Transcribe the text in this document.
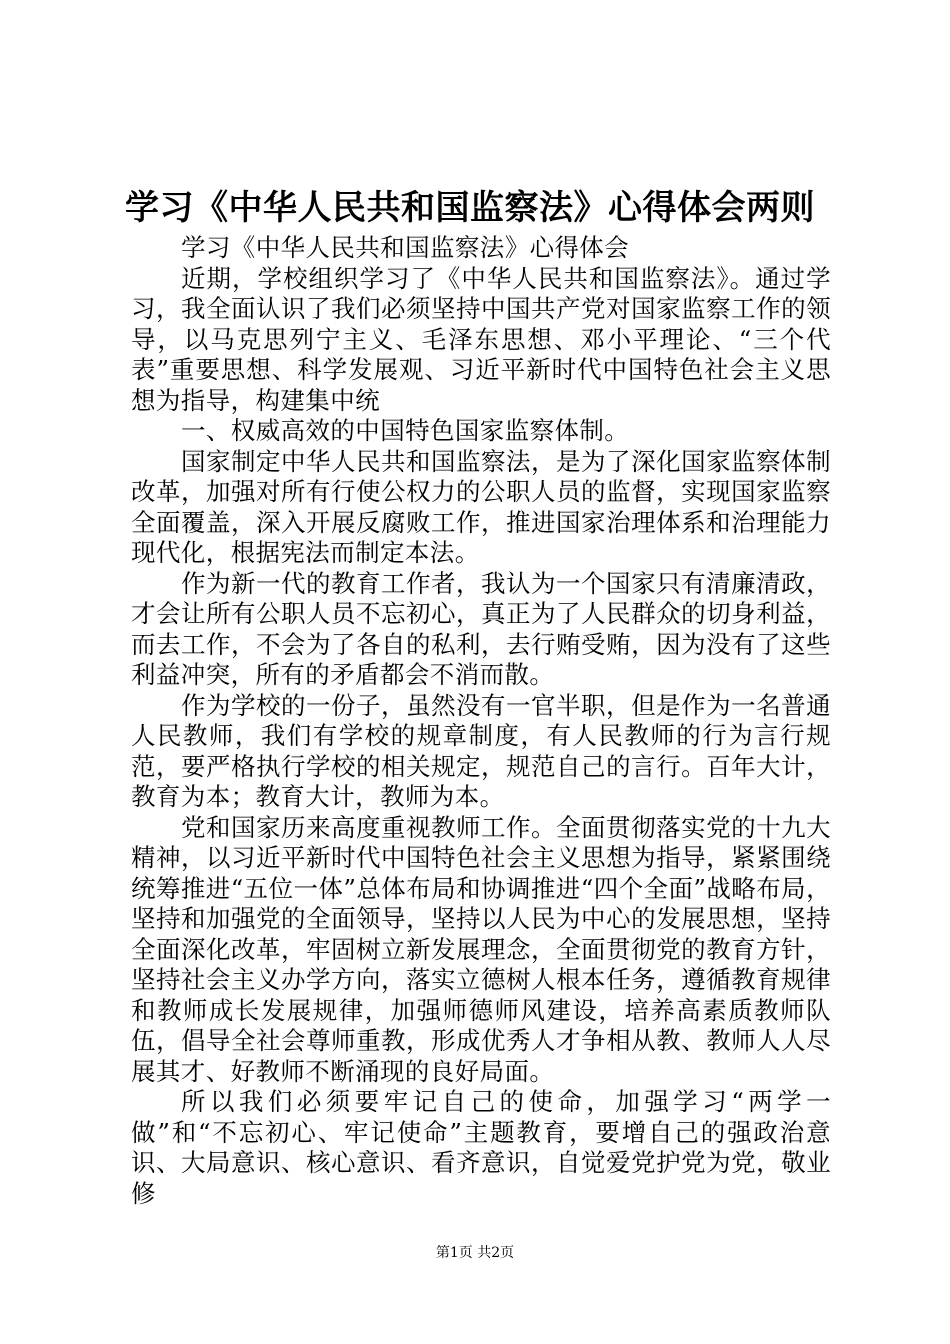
学习《中华人民共和国监察法》心得体会两则

学习《中华人民共和国监察法》心得体会

近期，学校组织学习了《中华人民共和国监察法》。通过学习，我全面认识了我们必须坚持中国共产党对国家监察工作的领导，以马克思列宁主义、毛泽东思想、邓小平理论、“三个代表”重要思想、科学发展观、习近平新时代中国特色社会主义思想为指导，构建集中统

一、权威高效的中国特色国家监察体制。

国家制定中华人民共和国监察法，是为了深化国家监察体制改革，加强对所有行使公权力的公职人员的监督，实现国家监察全面覆盖，深入开展反腐败工作，推进国家治理体系和治理能力现代化，根据宪法而制定本法。

作为新一代的教育工作者，我认为一个国家只有清廉清政，才会让所有公职人员不忘初心，真正为了人民群众的切身利益，而去工作，不会为了各自的私利，去行贿受贿，因为没有了这些利益冲突，所有的矛盾都会不消而散。

作为学校的一份子，虽然没有一官半职，但是作为一名普通人民教师，我们有学校的规章制度，有人民教师的行为言行规范，要严格执行学校的相关规定，规范自己的言行。百年大计，教育为本；教育大计，教师为本。

党和国家历来高度重视教师工作。全面贯彻落实党的十九大精神，以习近平新时代中国特色社会主义思想为指导，紧紧围绕统筹推进“五位一体”总体布局和协调推进“四个全面”战略布局，坚持和加强党的全面领导，坚持以人民为中心的发展思想，坚持全面深化改革，牢固树立新发展理念，全面贯彻党的教育方针，坚持社会主义办学方向，落实立德树人根本任务，遵循教育规律和教师成长发展规律，加强师德师风建设，培养高素质教师队伍，倡导全社会尊师重教，形成优秀人才争相从教、教师人人尽展其才、好教师不断涌现的良好局面。

所以我们必须要牢记自己的使命，加强学习“两学一做”和“不忘初心、牢记使命”主题教育，要增自己的强政治意识、大局意识、核心意识、看齐意识，自觉爱党护党为党，敬业修

第1页 共2页
